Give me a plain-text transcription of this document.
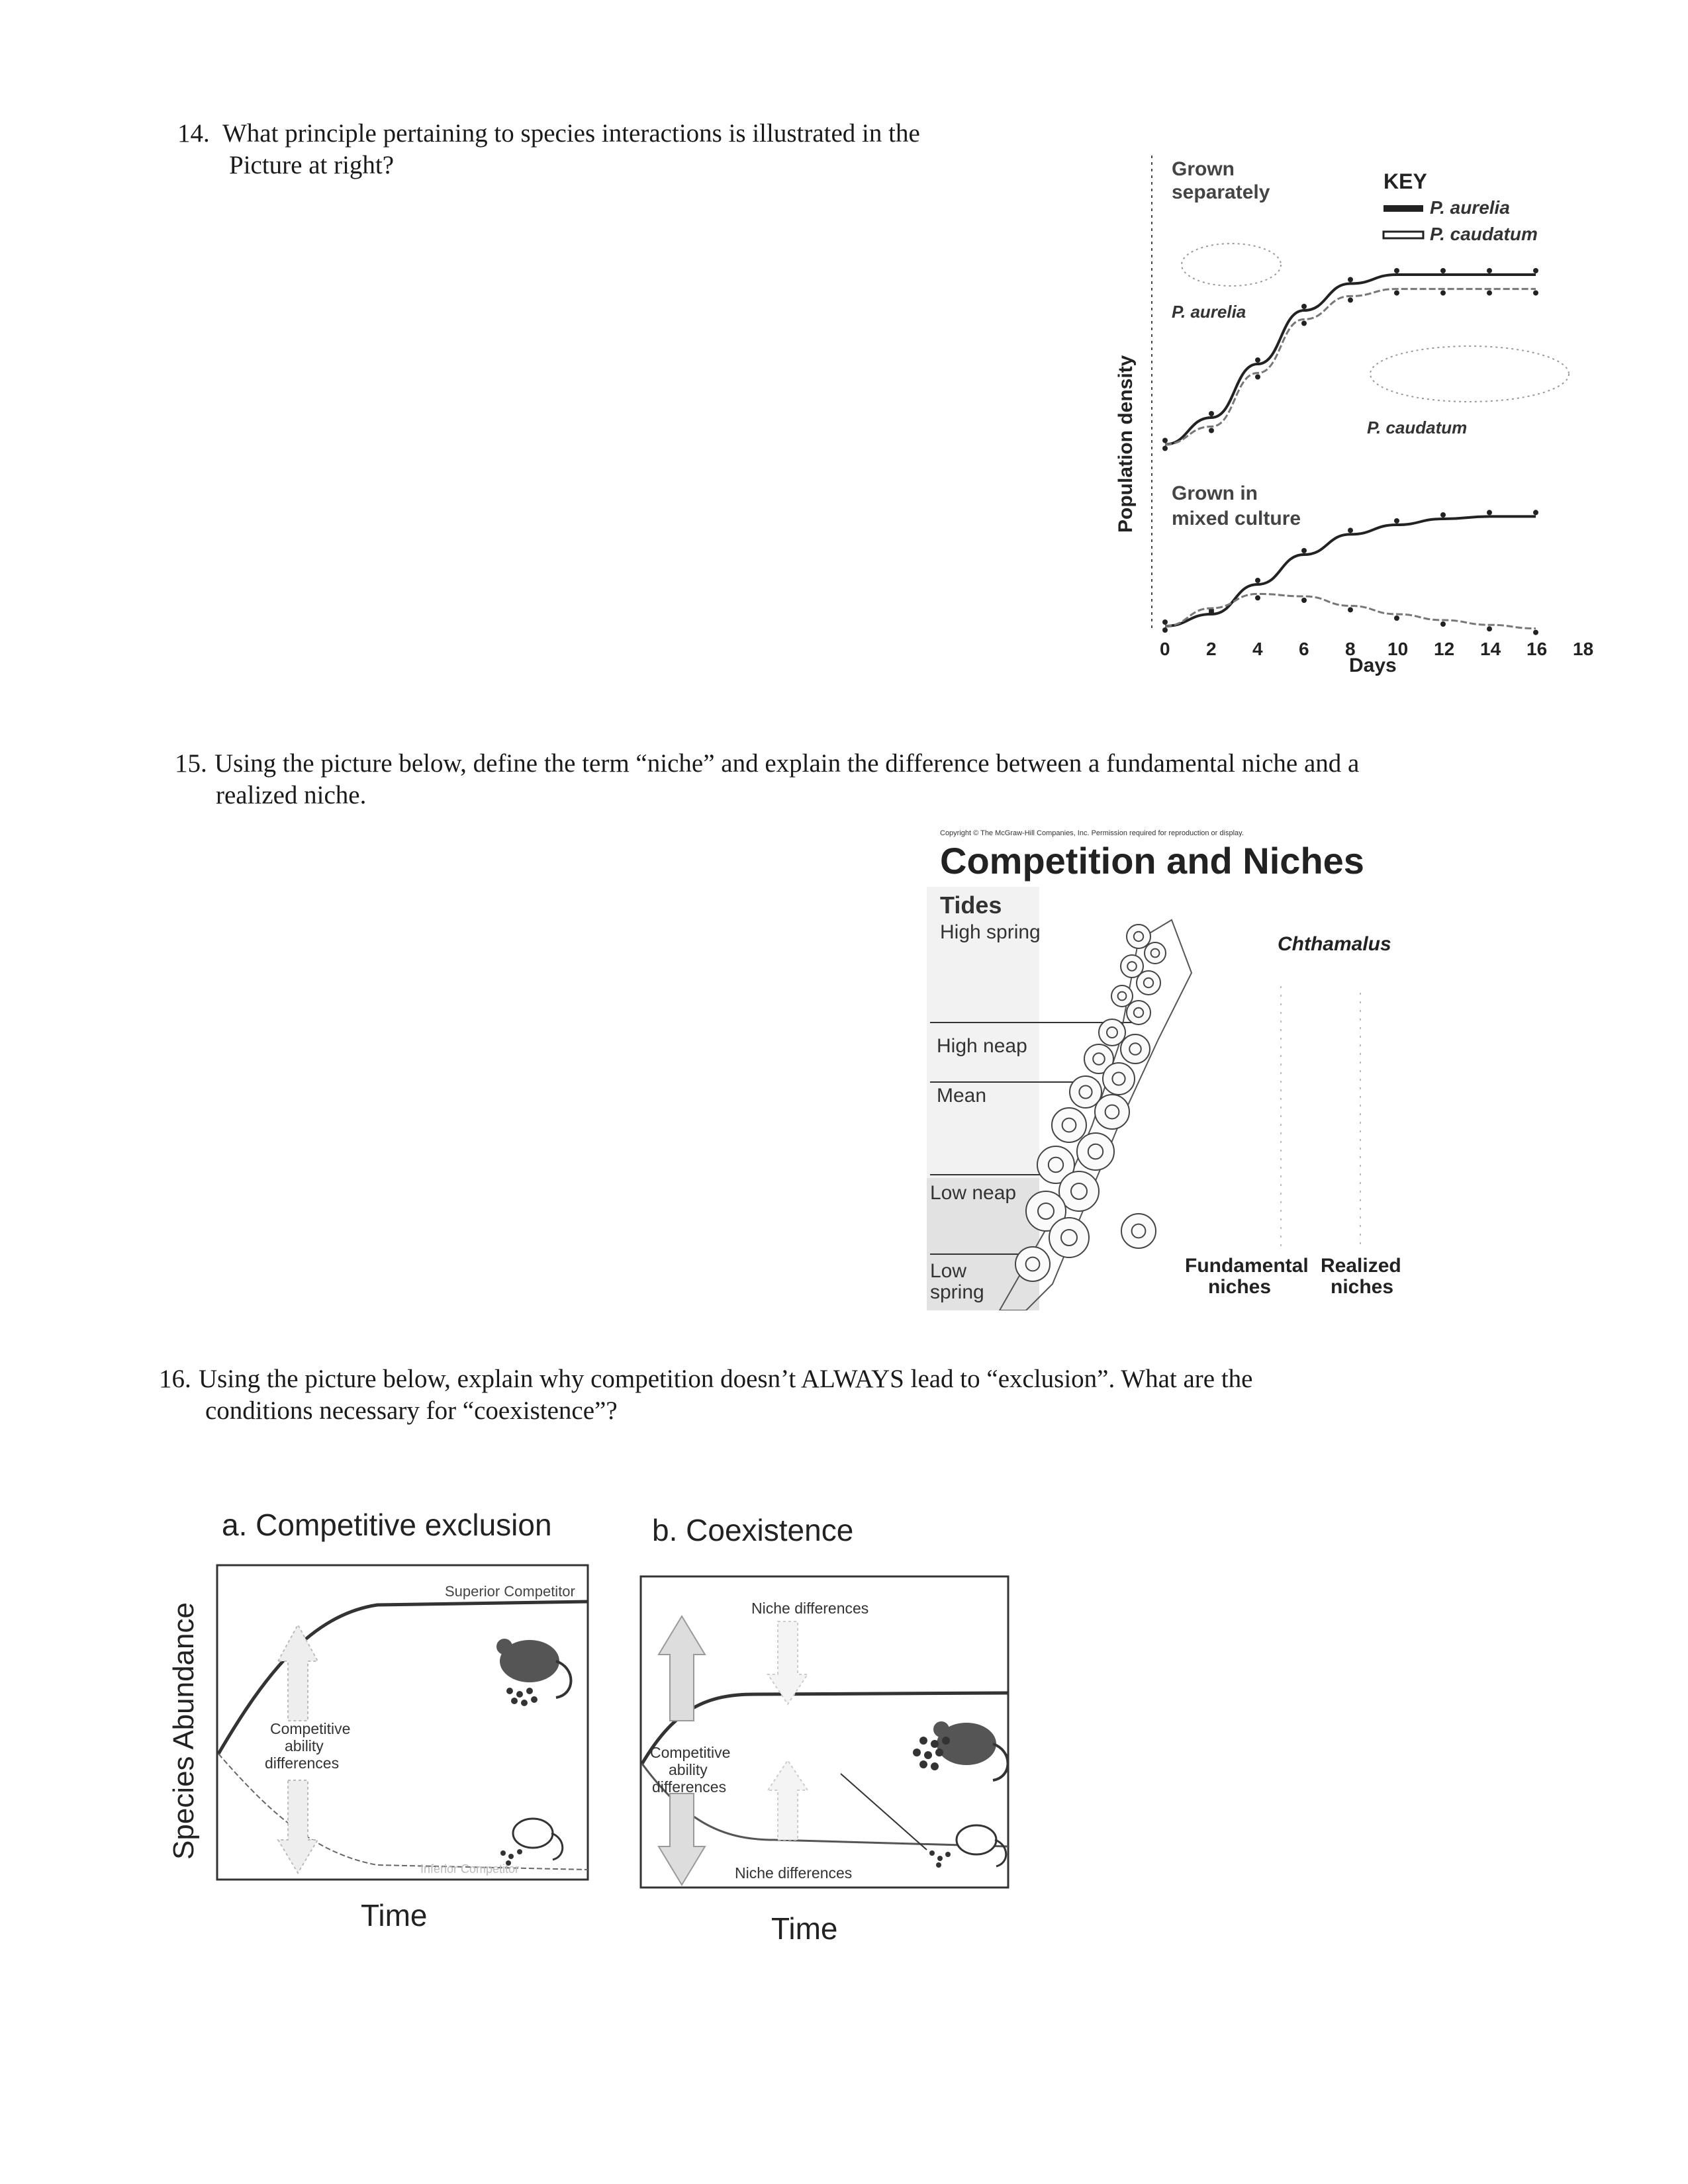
14. What principle pertaining to species interactions is illustrated in the
Picture at right?
Population density
Grown
separately	KEY
P. aurelia
P. caudatum
P. aurelia
P. caudatum
Grown in
mixed culture
0 2 4 6 8 10 12 14 16 18
Days
15. Using the picture below, define the term “niche” and explain the difference between a fundamental niche and a
realized niche.
Copyright © The McGraw-Hill Companies, Inc. Permission required for reproduction or display.
Competition and Niches
Tides
High spring
High neap
Mean
Low neap
Low
spring
Chthamalus
Fundamental
niches
Realized
niches
16. Using the picture below, explain why competition doesn’t ALWAYS lead to “exclusion”. What are the
conditions necessary for “coexistence”?
a. Competitive exclusion	b. Coexistence
Species Abundance
Superior Competitor
Competitive
ability
differences
Inferior Competitor
Niche differences
Competitive
ability
differences
Niche differences
Time	Time
